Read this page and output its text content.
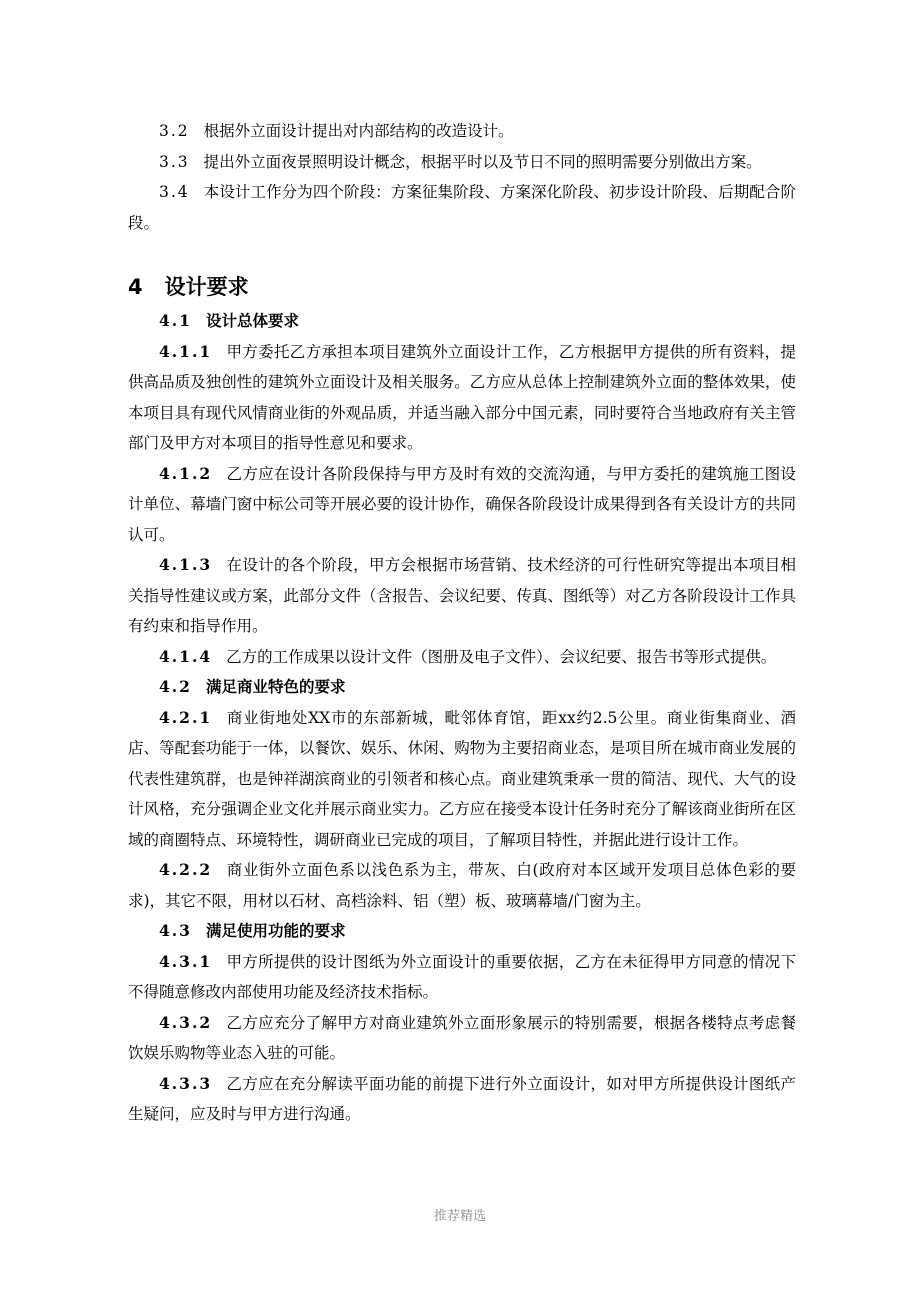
3.2 根据外立面设计提出对内部结构的改造设计。

3.3 提出外立面夜景照明设计概念，根据平时以及节日不同的照明需要分别做出方案。

3.4 本设计工作分为四个阶段：方案征集阶段、方案深化阶段、初步设计阶段、后期配合阶段。

4 设计要求
4.1 设计总体要求

4.1.1 甲方委托乙方承担本项目建筑外立面设计工作，乙方根据甲方提供的所有资料，提供高品质及独创性的建筑外立面设计及相关服务。乙方应从总体上控制建筑外立面的整体效果，使本项目具有现代风情商业街的外观品质，并适当融入部分中国元素，同时要符合当地政府有关主管部门及甲方对本项目的指导性意见和要求。

4.1.2 乙方应在设计各阶段保持与甲方及时有效的交流沟通，与甲方委托的建筑施工图设计单位、幕墙门窗中标公司等开展必要的设计协作，确保各阶段设计成果得到各有关设计方的共同认可。

4.1.3 在设计的各个阶段，甲方会根据市场营销、技术经济的可行性研究等提出本项目相关指导性建议或方案，此部分文件（含报告、会议纪要、传真、图纸等）对乙方各阶段设计工作具有约束和指导作用。

4.1.4 乙方的工作成果以设计文件（图册及电子文件）、会议纪要、报告书等形式提供。

4.2 满足商业特色的要求

4.2.1 商业街地处XX市的东部新城，毗邻体育馆，距xx约2.5公里。商业街集商业、酒店、等配套功能于一体，以餐饮、娱乐、休闲、购物为主要招商业态，是项目所在城市商业发展的代表性建筑群，也是钟祥湖滨商业的引领者和核心点。商业建筑秉承一贯的简洁、现代、大气的设计风格，充分强调企业文化并展示商业实力。乙方应在接受本设计任务时充分了解该商业街所在区域的商圈特点、环境特性，调研商业已完成的项目，了解项目特性，并据此进行设计工作。

4.2.2 商业街外立面色系以浅色系为主，带灰、白(政府对本区域开发项目总体色彩的要求)，其它不限，用材以石材、高档涂料、铝（塑）板、玻璃幕墙/门窗为主。

4.3 满足使用功能的要求

4.3.1 甲方所提供的设计图纸为外立面设计的重要依据，乙方在未征得甲方同意的情况下不得随意修改内部使用功能及经济技术指标。

4.3.2 乙方应充分了解甲方对商业建筑外立面形象展示的特别需要，根据各楼特点考虑餐饮娱乐购物等业态入驻的可能。

4.3.3 乙方应在充分解读平面功能的前提下进行外立面设计，如对甲方所提供设计图纸产生疑问，应及时与甲方进行沟通。

推荐精选
